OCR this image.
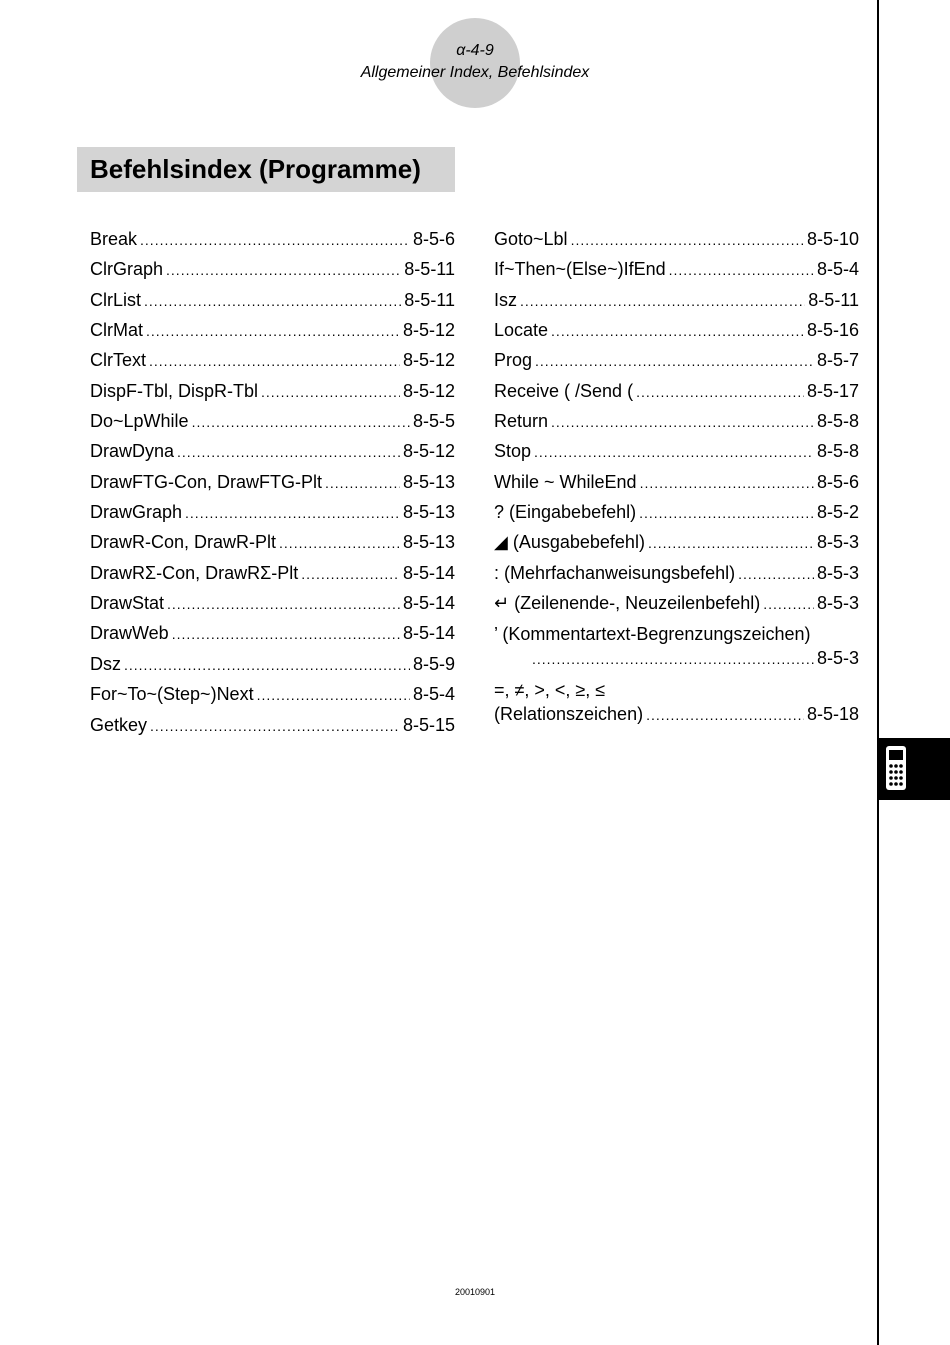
α-4-9
Allgemeiner Index, Befehlsindex
Befehlsindex (Programme)
Break .....	8-5-6
ClrGraph .....	8-5-11
ClrList .....	8-5-11
ClrMat .....	8-5-12
ClrText .....	8-5-12
DispF-Tbl, DispR-Tbl .....	8-5-12
Do~LpWhile .....	8-5-5
DrawDyna .....	8-5-12
DrawFTG-Con, DrawFTG-Plt .....	8-5-13
DrawGraph .....	8-5-13
DrawR-Con, DrawR-Plt .....	8-5-13
DrawRΣ-Con, DrawRΣ-Plt .....	8-5-14
DrawStat .....	8-5-14
DrawWeb .....	8-5-14
Dsz .....	8-5-9
For~To~(Step~)Next .....	8-5-4
Getkey .....	8-5-15
Goto~Lbl .....	8-5-10
If~Then~(Else~)IfEnd .....	8-5-4
Isz .....	8-5-11
Locate .....	8-5-16
Prog .....	8-5-7
Receive ( /Send ( .....	8-5-17
Return .....	8-5-8
Stop .....	8-5-8
While ~ WhileEnd .....	8-5-6
? (Eingabebefehl) .....	8-5-2
◢ (Ausgabebefehl) .....	8-5-3
: (Mehrfachanweisungsbefehl) .....	8-5-3
↵ (Zeilenende-, Neuzeilenbefehl) .....	8-5-3
’ (Kommentartext-Begrenzungszeichen)
.....
8-5-3
=, ≠, >, <, ≥, ≤
(Relationszeichen) .....	8-5-18
20010901
